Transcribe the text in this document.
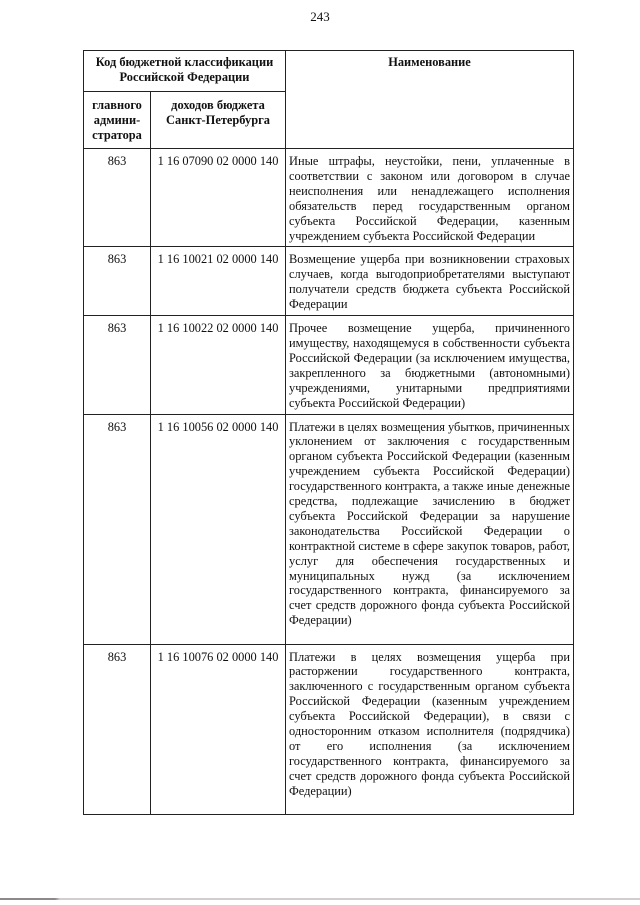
243
Код бюджетной классификации Российской Федерации		Наименование
главного админи-стратора	доходов бюджета Санкт-Петербурга	
863	1 16 07090 02 0000 140	Иные штрафы, неустойки, пени, уплаченные в соответствии с законом или договором в случае неисполнения или ненадлежащего исполнения обязательств перед государственным органом субъекта Российской Федерации, казенным учреждением субъекта Российской Федерации
863	1 16 10021 02 0000 140	Возмещение ущерба при возникновении страховых случаев, когда выгодоприобретателями выступают получатели средств бюджета субъекта Российской Федерации
863	1 16 10022 02 0000 140	Прочее возмещение ущерба, причиненного имуществу, находящемуся в собственности субъекта Российской Федерации (за исключением имущества, закрепленного за бюджетными (автономными) учреждениями, унитарными предприятиями субъекта Российской Федерации)
863	1 16 10056 02 0000 140	Платежи в целях возмещения убытков, причиненных уклонением от заключения с государственным органом субъекта Российской Федерации (казенным учреждением субъекта Российской Федерации) государственного контракта, а также иные денежные средства, подлежащие зачислению в бюджет субъекта Российской Федерации за нарушение законодательства Российской Федерации о контрактной системе в сфере закупок товаров, работ, услуг для обеспечения государственных и муниципальных нужд (за исключением государственного контракта, финансируемого за счет средств дорожного фонда субъекта Российской Федерации)
863	1 16 10076 02 0000 140	Платежи в целях возмещения ущерба при расторжении государственного контракта, заключенного с государственным органом субъекта Российской Федерации (казенным учреждением субъекта Российской Федерации), в связи с односторонним отказом исполнителя (подрядчика) от его исполнения (за исключением государственного контракта, финансируемого за счет средств дорожного фонда субъекта Российской Федерации)
